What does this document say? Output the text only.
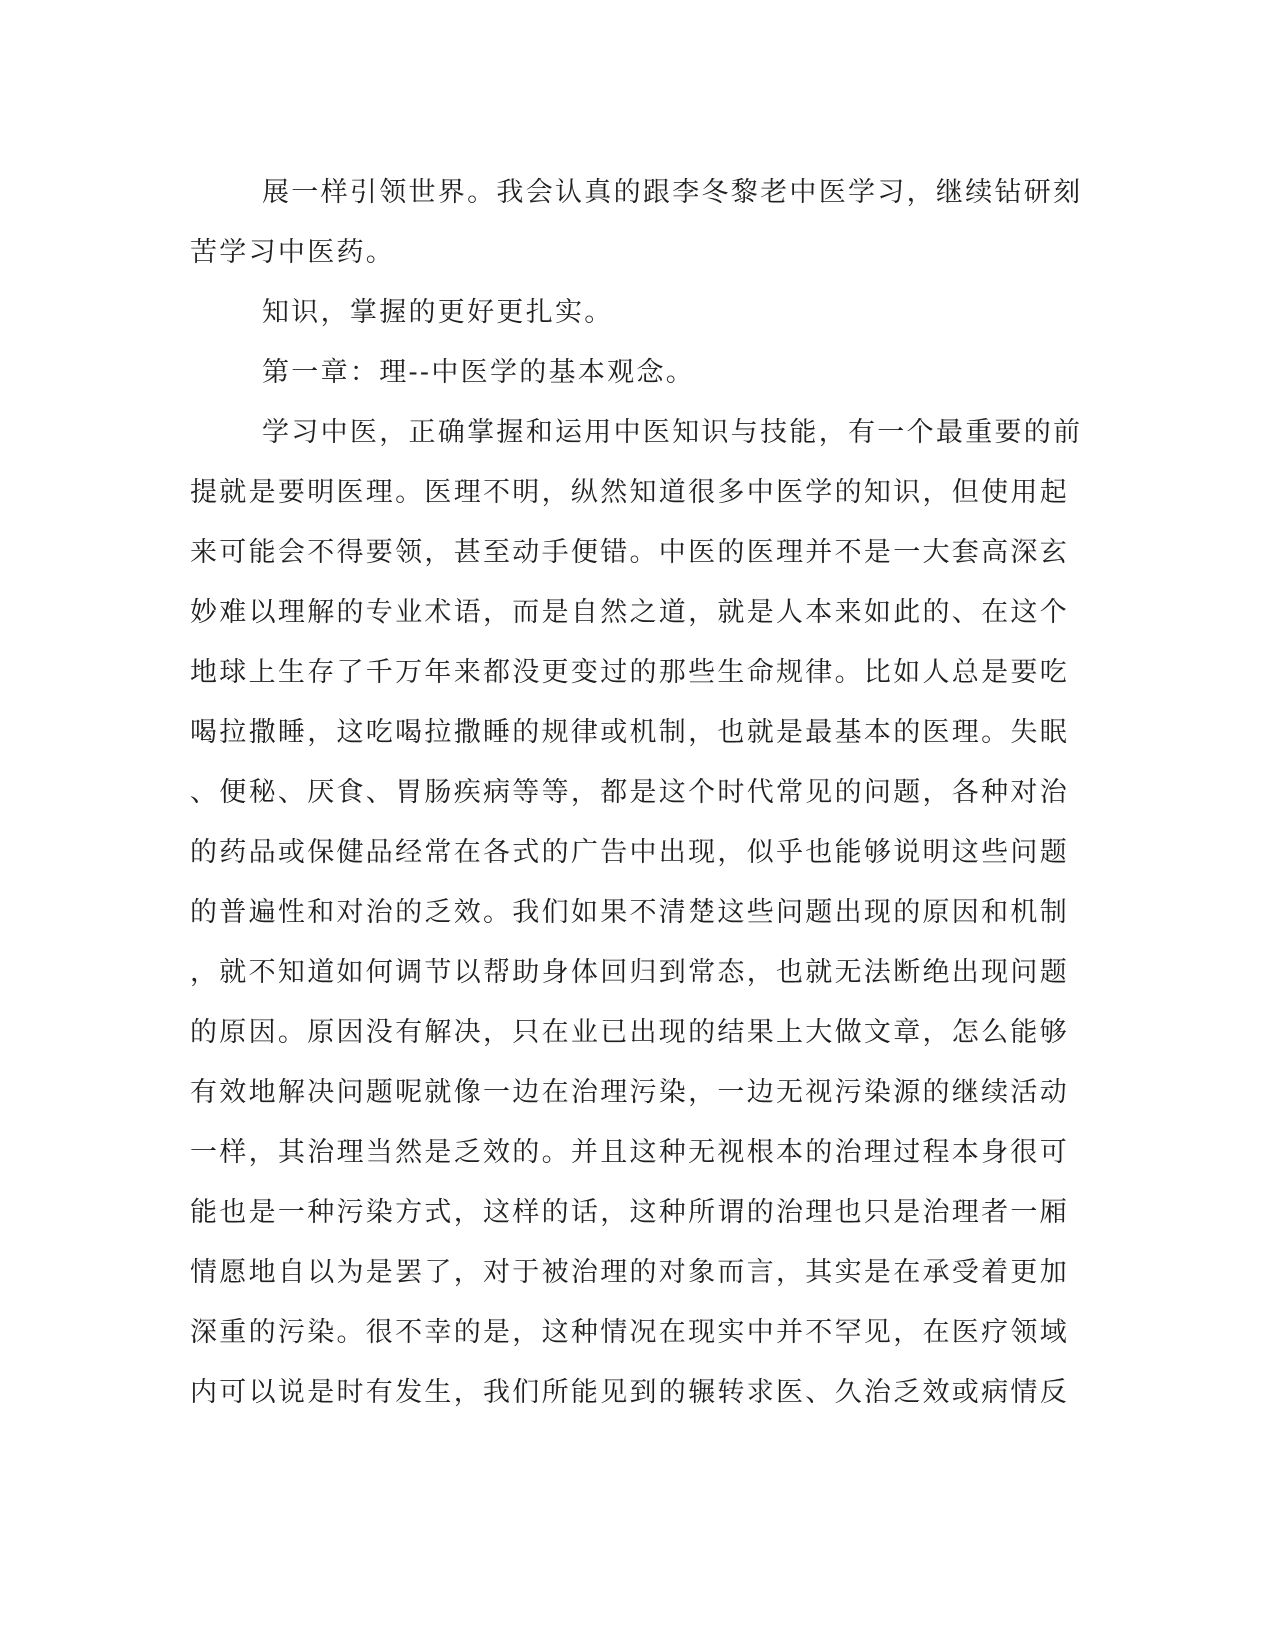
展一样引领世界。我会认真的跟李冬黎老中医学习，继续钻研刻
苦学习中医药。
知识，掌握的更好更扎实。
第一章：理--中医学的基本观念。
学习中医，正确掌握和运用中医知识与技能，有一个最重要的前
提就是要明医理。医理不明，纵然知道很多中医学的知识，但使用起
来可能会不得要领，甚至动手便错。中医的医理并不是一大套高深玄
妙难以理解的专业术语，而是自然之道，就是人本来如此的、在这个
地球上生存了千万年来都没更变过的那些生命规律。比如人总是要吃
喝拉撒睡，这吃喝拉撒睡的规律或机制，也就是最基本的医理。失眠
、便秘、厌食、胃肠疾病等等，都是这个时代常见的问题，各种对治
的药品或保健品经常在各式的广告中出现，似乎也能够说明这些问题
的普遍性和对治的乏效。我们如果不清楚这些问题出现的原因和机制
，就不知道如何调节以帮助身体回归到常态，也就无法断绝出现问题
的原因。原因没有解决，只在业已出现的结果上大做文章，怎么能够
有效地解决问题呢就像一边在治理污染，一边无视污染源的继续活动
一样，其治理当然是乏效的。并且这种无视根本的治理过程本身很可
能也是一种污染方式，这样的话，这种所谓的治理也只是治理者一厢
情愿地自以为是罢了，对于被治理的对象而言，其实是在承受着更加
深重的污染。很不幸的是，这种情况在现实中并不罕见，在医疗领域
内可以说是时有发生，我们所能见到的辗转求医、久治乏效或病情反
